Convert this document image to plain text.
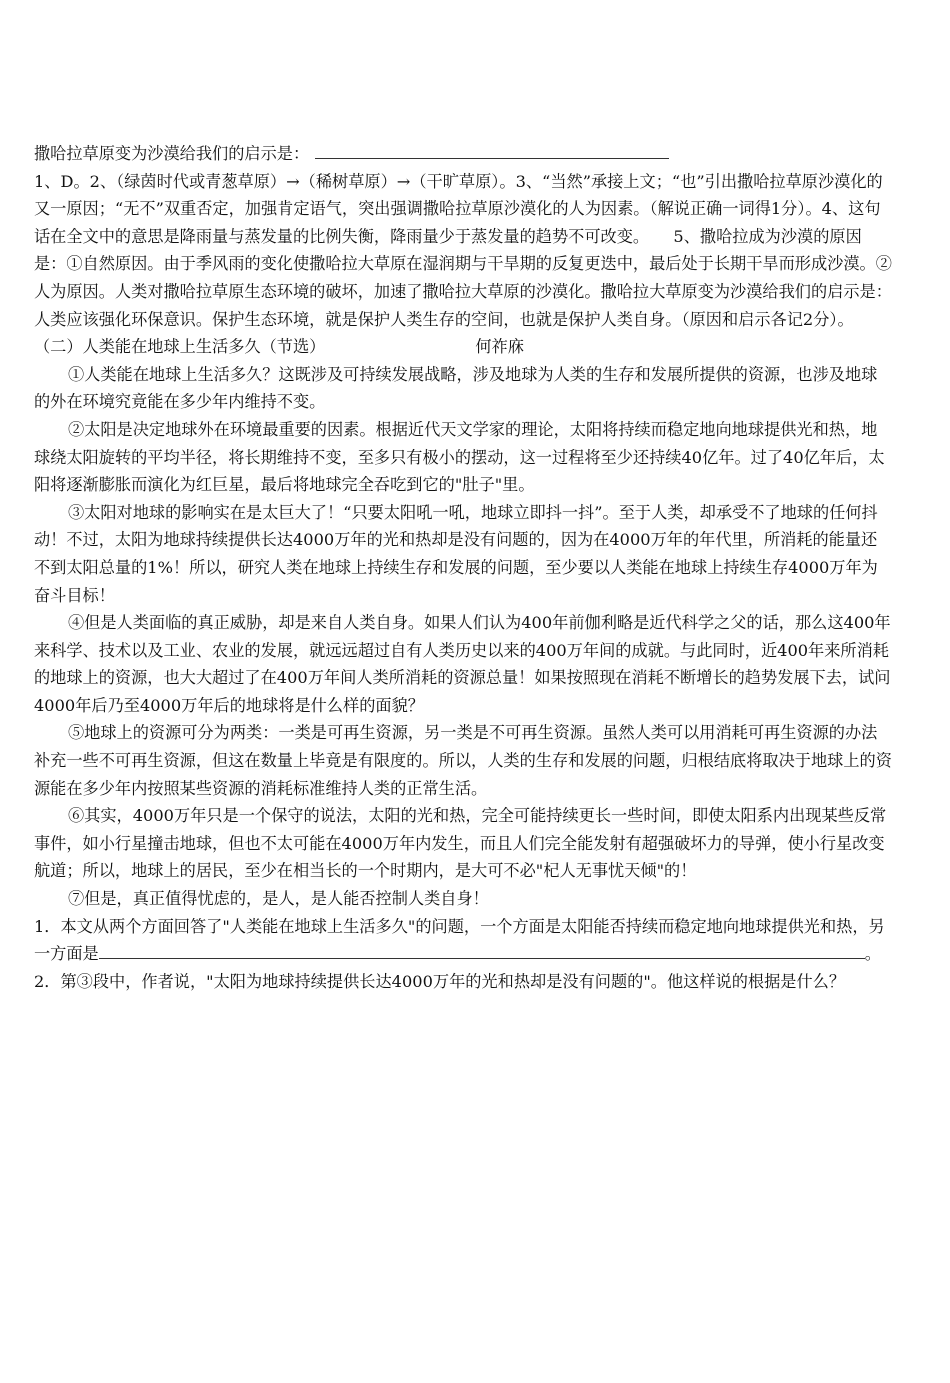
撒哈拉草原变为沙漠给我们的启示是：

1、D。2、（绿茵时代或青葱草原）→（稀树草原）→（干旷草原）。3、“当然”承接上文；“也”引出撒哈拉草原沙漠化的又一原因；“无不”双重否定，加强肯定语气，突出强调撒哈拉草原沙漠化的人为因素。（解说正确一词得1分）。4、这句话在全文中的意思是降雨量与蒸发量的比例失衡，降雨量少于蒸发量的趋势不可改变。　　5、撒哈拉成为沙漠的原因是：①自然原因。由于季风雨的变化使撒哈拉大草原在湿润期与干旱期的反复更迭中，最后处于长期干旱而形成沙漠。②人为原因。人类对撒哈拉草原生态环境的破坏，加速了撒哈拉大草原的沙漠化。撒哈拉大草原变为沙漠给我们的启示是：人类应该强化环保意识。保护生态环境，就是保护人类生存的空间，也就是保护人类自身。（原因和启示各记2分）。

（二）人类能在地球上生活多久（节选）	何祚庥

①人类能在地球上生活多久？这既涉及可持续发展战略，涉及地球为人类的生存和发展所提供的资源，也涉及地球的外在环境究竟能在多少年内维持不变。

②太阳是决定地球外在环境最重要的因素。根据近代天文学家的理论，太阳将持续而稳定地向地球提供光和热，地球绕太阳旋转的平均半径，将长期维持不变，至多只有极小的摆动，这一过程将至少还持续40亿年。过了40亿年后，太阳将逐渐膨胀而演化为红巨星，最后将地球完全吞吃到它的"肚子"里。

③太阳对地球的影响实在是太巨大了！“只要太阳吼一吼，地球立即抖一抖”。至于人类，却承受不了地球的任何抖动！不过，太阳为地球持续提供长达4000万年的光和热却是没有问题的，因为在4000万年的年代里，所消耗的能量还不到太阳总量的1%！所以，研究人类在地球上持续生存和发展的问题，至少要以人类能在地球上持续生存4000万年为奋斗目标！

④但是人类面临的真正威胁，却是来自人类自身。如果人们认为400年前伽利略是近代科学之父的话，那么这400年来科学、技术以及工业、农业的发展，就远远超过自有人类历史以来的400万年间的成就。与此同时，近400年来所消耗的地球上的资源，也大大超过了在400万年间人类所消耗的资源总量！如果按照现在消耗不断增长的趋势发展下去，试问4000年后乃至4000万年后的地球将是什么样的面貌？

⑤地球上的资源可分为两类：一类是可再生资源，另一类是不可再生资源。虽然人类可以用消耗可再生资源的办法补充一些不可再生资源，但这在数量上毕竟是有限度的。所以，人类的生存和发展的问题，归根结底将取决于地球上的资源能在多少年内按照某些资源的消耗标准维持人类的正常生活。

⑥其实，4000万年只是一个保守的说法，太阳的光和热，完全可能持续更长一些时间，即使太阳系内出现某些反常事件，如小行星撞击地球，但也不太可能在4000万年内发生，而且人们完全能发射有超强破坏力的导弹，使小行星改变航道；所以，地球上的居民，至少在相当长的一个时期内，是大可不必"杞人无事忧天倾"的！

⑦但是，真正值得忧虑的，是人，是人能否控制人类自身！

1．本文从两个方面回答了"人类能在地球上生活多久"的问题，一个方面是太阳能否持续而稳定地向地球提供光和热，另一方面是	。

2．第③段中，作者说，"太阳为地球持续提供长达4000万年的光和热却是没有问题的"。他这样说的根据是什么？
